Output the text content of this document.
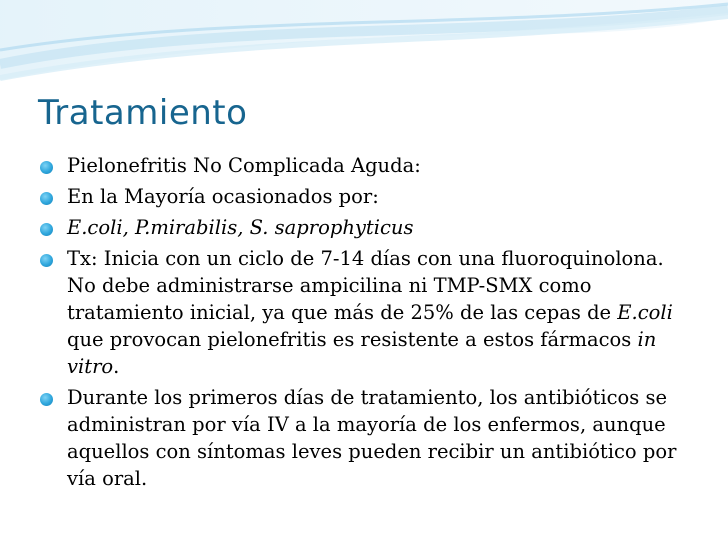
Tratamiento
Pielonefritis No Complicada Aguda:
En la Mayoría ocasionados por:
E.coli, P.mirabilis, S. saprophyticus
Tx: Inicia con un ciclo de 7-14 días con una fluoroquinolona. No debe administrarse ampicilina ni TMP-SMX como tratamiento inicial, ya que más de 25% de las cepas de E.coli que provocan pielonefritis es resistente a estos fármacos in vitro.
Durante los primeros días de tratamiento, los antibióticos se administran por vía IV a la mayoría de los enfermos, aunque aquellos con síntomas leves pueden recibir un antibiótico por vía oral.
